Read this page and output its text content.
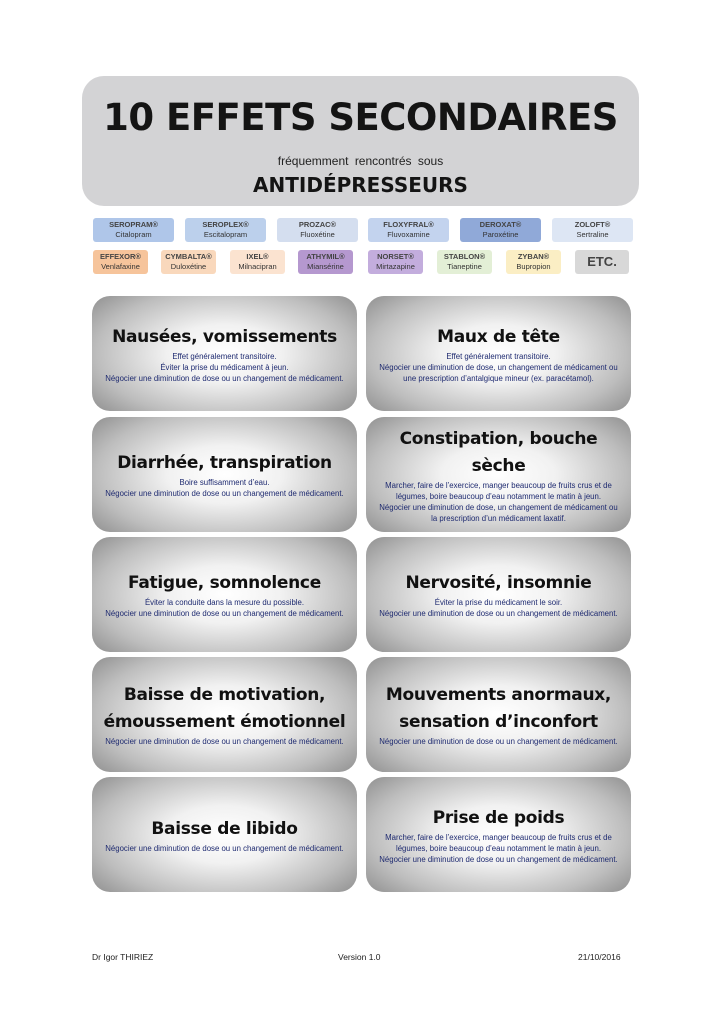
10 EFFETS SECONDAIRES
fréquemment rencontrés sous
ANTIDÉPRESSEURS
SEROPRAM®
Citalopram
SEROPLEX®
Escitalopram
PROZAC®
Fluoxétine
FLOXYFRAL®
Fluvoxamine
DEROXAT®
Paroxétine
ZOLOFT®
Sertraline
EFFEXOR®
Venlafaxine
CYMBALTA®
Duloxétine
IXEL®
Milnacipran
ATHYMIL®
Miansérine
NORSET®
Mirtazapine
STABLON®
Tianeptine
ZYBAN®
Bupropion	ETC.
Nausées, vomissements
Effet généralement transitoire.
Éviter la prise du médicament à jeun.
Négocier une diminution de dose ou un changement de médicament.
Maux de tête
Effet généralement transitoire.
Négocier une diminution de dose, un changement de médicament ou
une prescription d’antalgique mineur (ex. paracétamol).
Diarrhée, transpiration
Boire suffisamment d’eau.
Négocier une diminution de dose ou un changement de médicament.
Constipation, bouche sèche
Marcher, faire de l’exercice, manger beaucoup de fruits crus et de
légumes, boire beaucoup d’eau notamment le matin à jeun.
Négocier une diminution de dose, un changement de médicament ou
la prescription d’un médicament laxatif.
Fatigue, somnolence
Éviter la conduite dans la mesure du possible.
Négocier une diminution de dose ou un changement de médicament.
Nervosité, insomnie
Éviter la prise du médicament le soir.
Négocier une diminution de dose ou un changement de médicament.
Baisse de motivation,
émoussement émotionnel
Négocier une diminution de dose ou un changement de médicament.
Mouvements anormaux,
sensation d’inconfort
Négocier une diminution de dose ou un changement de médicament.
Baisse de libido
Négocier une diminution de dose ou un changement de médicament.
Prise de poids
Marcher, faire de l’exercice, manger beaucoup de fruits crus et de
légumes, boire beaucoup d’eau notamment le matin à jeun.
Négocier une diminution de dose ou un changement de médicament.
Dr Igor THIRIEZ	Version 1.0	21/10/2016
